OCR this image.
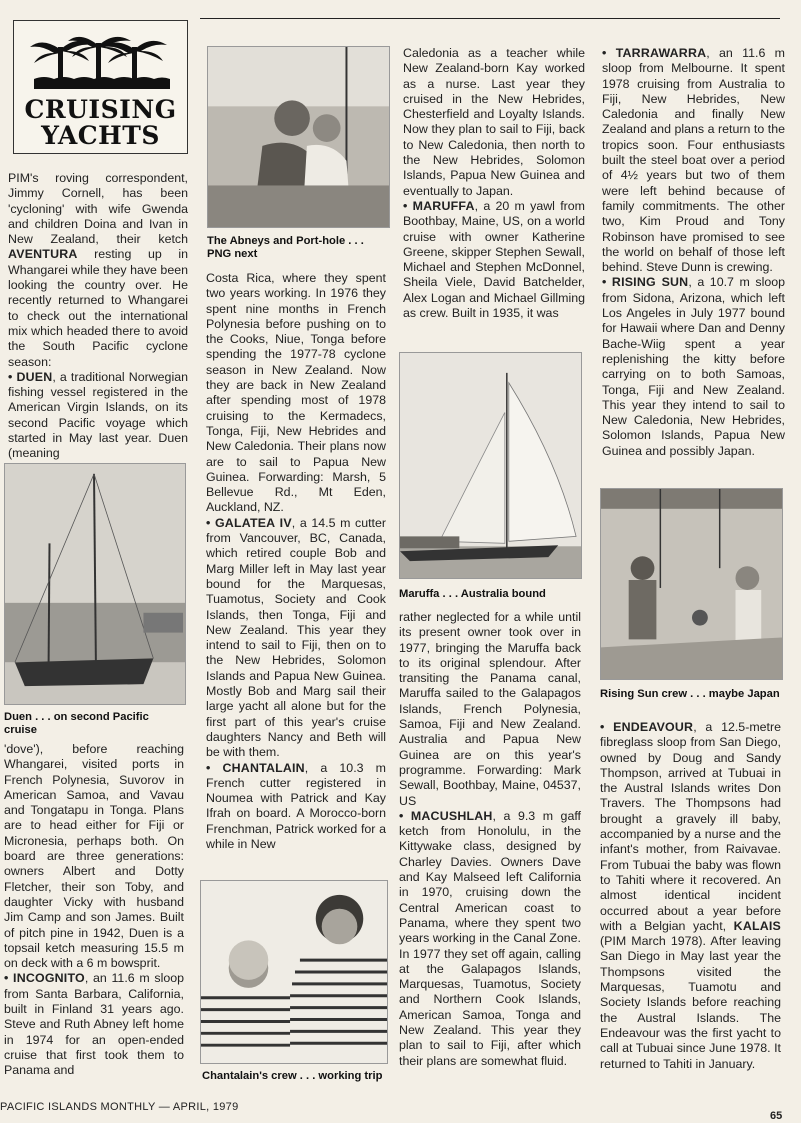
CRUISING
YACHTS

PIM's roving correspondent, Jimmy Cornell, has been 'cycloning' with wife Gwenda and children Doina and Ivan in New Zealand, their ketch AVENTURA resting up in Whangarei while they have been looking the country over. He recently returned to Whangarei to check out the international mix which headed there to avoid the South Pacific cyclone season:

• DUEN, a traditional Norwegian fishing vessel registered in the American Virgin Islands, on its second Pacific voyage which started in May last year. Duen (meaning

Duen . . . on second Pacific cruise

'dove'), before reaching Whangarei, visited ports in French Polynesia, Suvorov in American Samoa, and Vavau and Tongatapu in Tonga. Plans are to head either for Fiji or Micronesia, perhaps both. On board are three generations: owners Albert and Dotty Fletcher, their son Toby, and daughter Vicky with husband Jim Camp and son James. Built of pitch pine in 1942, Duen is a topsail ketch measuring 15.5 m on deck with a 6 m bowsprit.

• INCOGNITO, an 11.6 m sloop from Santa Barbara, California, built in Finland 31 years ago. Steve and Ruth Abney left home in 1974 for an open-ended cruise that first took them to Panama and

The Abneys and Port-hole . . . PNG next

Costa Rica, where they spent two years working. In 1976 they spent nine months in French Polynesia before pushing on to the Cooks, Niue, Tonga before spending the 1977-78 cyclone season in New Zealand. Now they are back in New Zealand after spending most of 1978 cruising to the Kermadecs, Tonga, Fiji, New Hebrides and New Caledonia. Their plans now are to sail to Papua New Guinea. Forwarding: Marsh, 5 Bellevue Rd., Mt Eden, Auckland, NZ.

• GALATEA IV, a 14.5 m cutter from Vancouver, BC, Canada, which retired couple Bob and Marg Miller left in May last year bound for the Marquesas, Tuamotus, Society and Cook Islands, then Tonga, Fiji and New Zealand. This year they intend to sail to Fiji, then on to the New Hebrides, Solomon Islands and Papua New Guinea. Mostly Bob and Marg sail their large yacht all alone but for the first part of this year's cruise daughters Nancy and Beth will be with them.

• CHANTALAIN, a 10.3 m French cutter registered in Noumea with Patrick and Kay Ifrah on board. A Morocco-born Frenchman, Patrick worked for a while in New

Chantalain's crew . . . working trip

Caledonia as a teacher while New Zealand-born Kay worked as a nurse. Last year they cruised in the New Hebrides, Chesterfield and Loyalty Islands. Now they plan to sail to Fiji, back to New Caledonia, then north to the New Hebrides, Solomon Islands, Papua New Guinea and eventually to Japan.

• MARUFFA, a 20 m yawl from Boothbay, Maine, US, on a world cruise with owner Katherine Greene, skipper Stephen Sewall, Michael and Stephen McDonnel, Sheila Viele, David Batchelder, Alex Logan and Michael Gillming as crew. Built in 1935, it was

Maruffa . . . Australia bound

rather neglected for a while until its present owner took over in 1977, bringing the Maruffa back to its original splendour. After transiting the Panama canal, Maruffa sailed to the Galapagos Islands, French Polynesia, Samoa, Fiji and New Zealand. Australia and Papua New Guinea are on this year's programme. Forwarding: Mark Sewall, Boothbay, Maine, 04537, US

• MACUSHLAH, a 9.3 m gaff ketch from Honolulu, in the Kittywake class, designed by Charley Davies. Owners Dave and Kay Malseed left California in 1970, cruising down the Central American coast to Panama, where they spent two years working in the Canal Zone. In 1977 they set off again, calling at the Galapagos Islands, Marquesas, Tuamotus, Society and Northern Cook Islands, American Samoa, Tonga and New Zealand. This year they plan to sail to Fiji, after which their plans are somewhat fluid.

• TARRAWARRA, an 11.6 m sloop from Melbourne. It spent 1978 cruising from Australia to Fiji, New Hebrides, New Caledonia and finally New Zealand and plans a return to the tropics soon. Four enthusiasts built the steel boat over a period of 4½ years but two of them were left behind because of family commitments. The other two, Kim Proud and Tony Robinson have promised to see the world on behalf of those left behind. Steve Dunn is crewing.

• RISING SUN, a 10.7 m sloop from Sidona, Arizona, which left Los Angeles in July 1977 bound for Hawaii where Dan and Denny Bache-Wiig spent a year replenishing the kitty before carrying on to both Samoas, Tonga, Fiji and New Zealand. This year they intend to sail to New Caledonia, New Hebrides, Solomon Islands, Papua New Guinea and possibly Japan.

Rising Sun crew . . . maybe Japan

• ENDEAVOUR, a 12.5-metre fibreglass sloop from San Diego, owned by Doug and Sandy Thompson, arrived at Tubuai in the Austral Islands writes Don Travers. The Thompsons had brought a gravely ill baby, accompanied by a nurse and the infant's mother, from Raivavae. From Tubuai the baby was flown to Tahiti where it recovered. An almost identical incident occurred about a year before with a Belgian yacht, KALAIS (PIM March 1978). After leaving San Diego in May last year the Thompsons visited the Marquesas, Tuamotu and Society Islands before reaching the Austral Islands. The Endeavour was the first yacht to call at Tubuai since June 1978. It returned to Tahiti in January.

PACIFIC ISLANDS MONTHLY — APRIL, 1979
65
